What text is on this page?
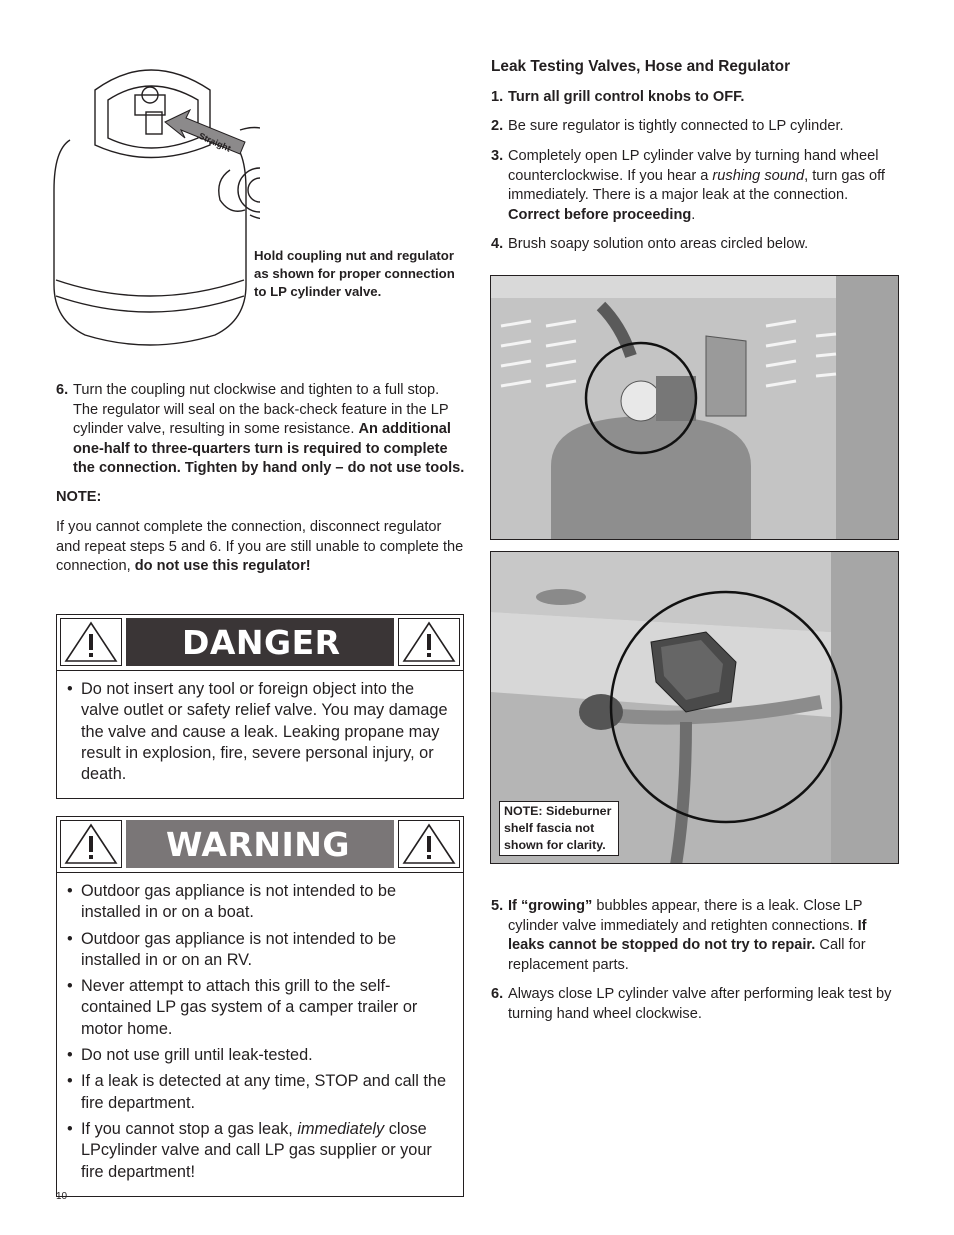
Straight
Hold coupling nut and regulator as shown for proper connection to LP cylinder valve.
6. Turn the coupling nut clockwise and tighten to a full stop. The regulator will seal on the back-check feature in the LP cylinder valve, resulting in some resistance. An additional one-half to three-quarters turn is required to complete the connection. Tighten by hand only – do not use tools.
NOTE:
If you cannot complete the connection, disconnect regulator and repeat steps 5 and 6. If you are still unable to complete the connection, do not use this regulator!
DANGER
• Do not insert any tool or foreign object into the valve outlet or safety relief valve. You may damage the valve and cause a leak. Leaking propane may result in explosion, fire, severe personal injury, or death.
WARNING
• Outdoor gas appliance is not intended to be installed in or on a boat.
• Outdoor gas appliance is not intended to be installed in or on an RV.
• Never attempt to attach this grill to the self-contained LP gas system of a camper trailer or motor home.
• Do not use grill until leak-tested.
• If a leak is detected at any time, STOP and call the fire department.
• If you cannot stop a gas leak, immediately close LPcylinder valve and call LP gas supplier or your fire department!
Leak Testing Valves, Hose and Regulator
1. Turn all grill control knobs to OFF.
2. Be sure regulator is tightly connected to LP cylinder.
3. Completely open LP cylinder valve by turning hand wheel counterclockwise. If you hear a rushing sound, turn gas off immediately. There is a major leak at the connection. Correct before proceeding.
4. Brush soapy solution onto areas circled below.
NOTE: Sideburner shelf fascia not shown for clarity.
5. If “growing” bubbles appear, there is a leak. Close LP cylinder valve immediately and retighten connections. If leaks cannot be stopped do not try to repair. Call for replacement parts.
6. Always close LP cylinder valve after performing leak test by turning hand wheel clockwise.
10
